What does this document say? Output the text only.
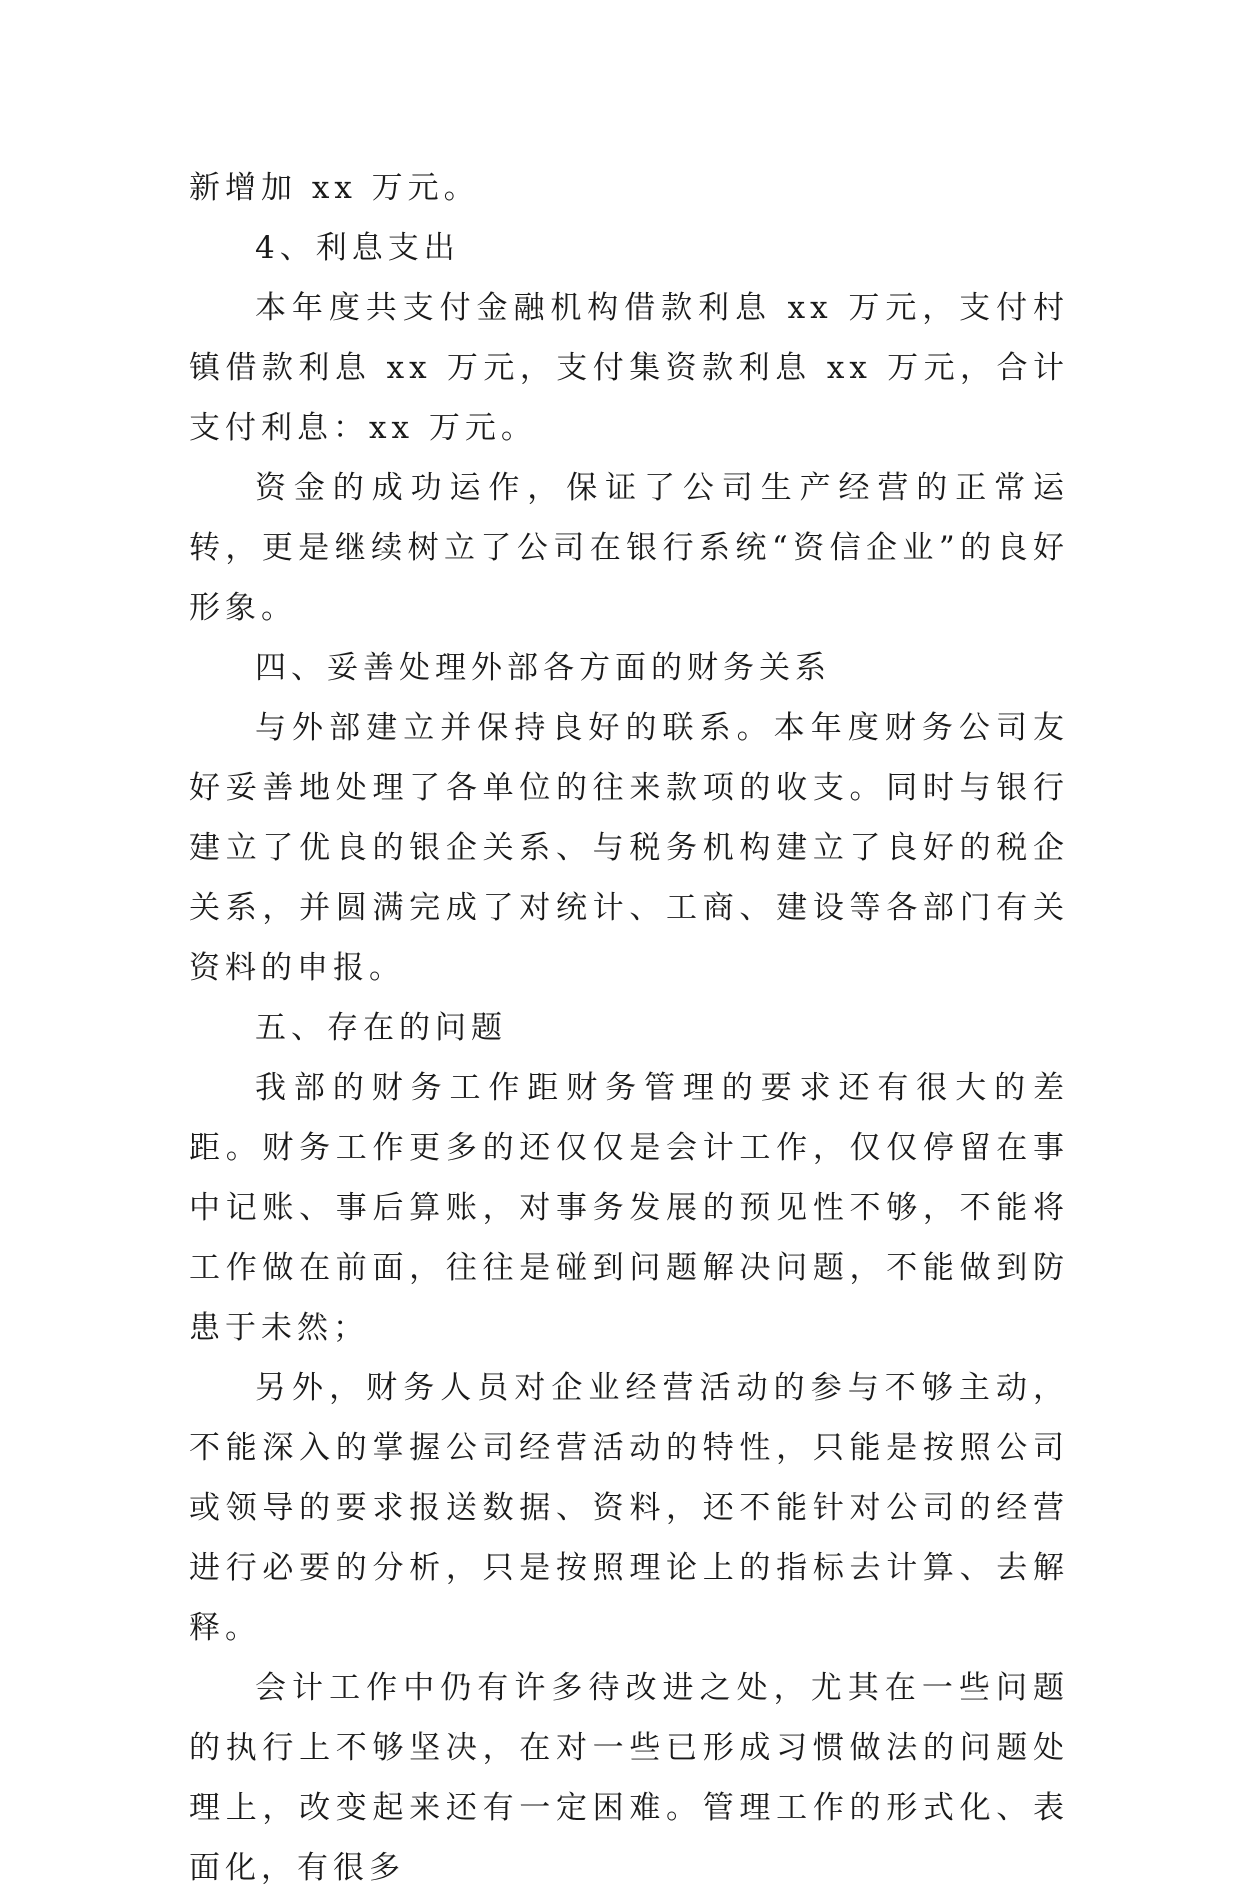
新增加 xx 万元。

4、利息支出

本年度共支付金融机构借款利息 xx 万元，支付村镇借款利息 xx 万元，支付集资款利息 xx 万元，合计支付利息：xx 万元。

资金的成功运作，保证了公司生产经营的正常运转，更是继续树立了公司在银行系统“资信企业”的良好形象。

四、妥善处理外部各方面的财务关系

与外部建立并保持良好的联系。本年度财务公司友好妥善地处理了各单位的往来款项的收支。同时与银行建立了优良的银企关系、与税务机构建立了良好的税企关系，并圆满完成了对统计、工商、建设等各部门有关资料的申报。

五、存在的问题

我部的财务工作距财务管理的要求还有很大的差距。财务工作更多的还仅仅是会计工作，仅仅停留在事中记账、事后算账，对事务发展的预见性不够，不能将工作做在前面，往往是碰到问题解决问题，不能做到防患于未然；

另外，财务人员对企业经营活动的参与不够主动，不能深入的掌握公司经营活动的特性，只能是按照公司或领导的要求报送数据、资料，还不能针对公司的经营进行必要的分析，只是按照理论上的指标去计算、去解释。

会计工作中仍有许多待改进之处，尤其在一些问题的执行上不够坚决，在对一些已形成习惯做法的问题处理上，改变起来还有一定困难。管理工作的形式化、表面化，有很多
